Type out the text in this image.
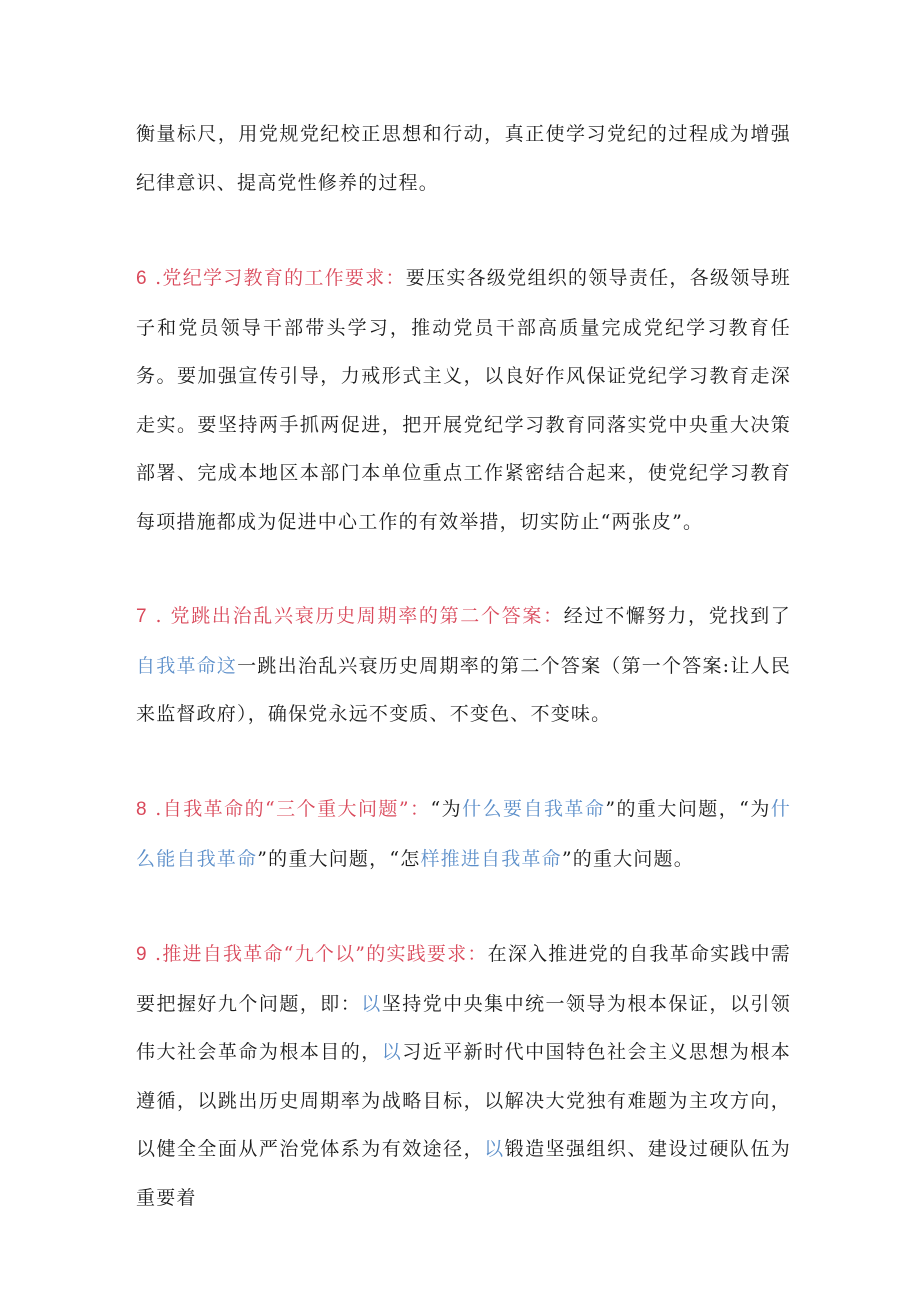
衡量标尺，用党规党纪校正思想和行动，真正使学习党纪的过程成为增强纪律意识、提高党性修养的过程。

6 .党纪学习教育的工作要求：要压实各级党组织的领导责任，各级领导班子和党员领导干部带头学习，推动党员干部高质量完成党纪学习教育任务。要加强宣传引导，力戒形式主义，以良好作风保证党纪学习教育走深走实。要坚持两手抓两促进，把开展党纪学习教育同落实党中央重大决策部署、完成本地区本部门本单位重点工作紧密结合起来，使党纪学习教育每项措施都成为促进中心工作的有效举措，切实防止“两张皮”。

7 . 党跳出治乱兴衰历史周期率的第二个答案：经过不懈努力，党找到了自我革命这一跳出治乱兴衰历史周期率的第二个答案（第一个答案:让人民来监督政府），确保党永远不变质、不变色、不变味。

8 .自我革命的“三个重大问题”：“为什么要自我革命”的重大问题，“为什么能自我革命”的重大问题，“怎样推进自我革命”的重大问题。

9 .推进自我革命“九个以”的实践要求：在深入推进党的自我革命实践中需要把握好九个问题，即：以坚持党中央集中统一领导为根本保证，以引领伟大社会革命为根本目的，以习近平新时代中国特色社会主义思想为根本遵循，以跳出历史周期率为战略目标，以解决大党独有难题为主攻方向，以健全全面从严治党体系为有效途径，以锻造坚强组织、建设过硬队伍为重要着
